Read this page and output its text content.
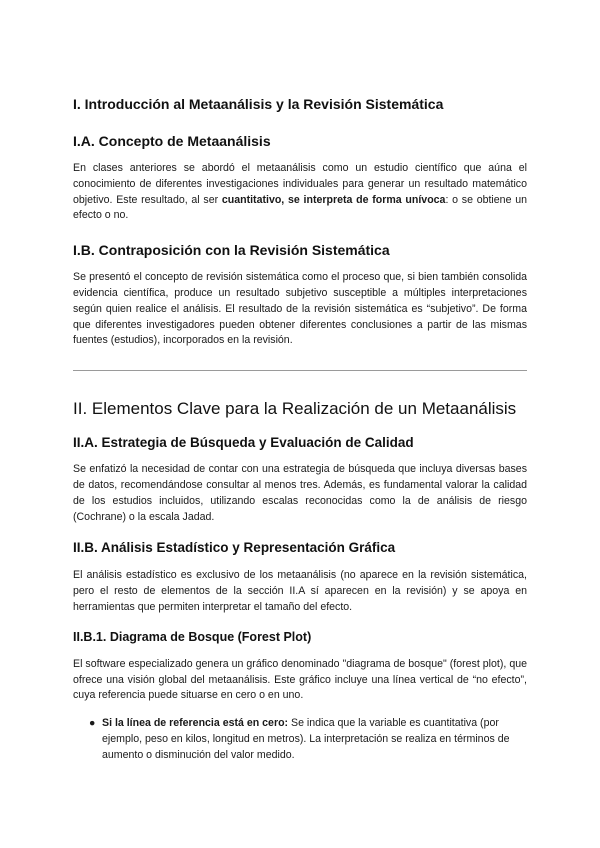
I. Introducción al Metaanálisis y la Revisión Sistemática
I.A. Concepto de Metaanálisis

En clases anteriores se abordó el metaanálisis como un estudio científico que aúna el conocimiento de diferentes investigaciones individuales para generar un resultado matemático objetivo. Este resultado, al ser cuantitativo, se interpreta de forma unívoca: o se obtiene un efecto o no.

I.B. Contraposición con la Revisión Sistemática

Se presentó el concepto de revisión sistemática como el proceso que, si bien también consolida evidencia científica, produce un resultado subjetivo susceptible a múltiples interpretaciones según quien realice el análisis. El resultado de la revisión sistemática es “subjetivo”. De forma que diferentes investigadores pueden obtener diferentes conclusiones a partir de las mismas fuentes (estudios), incorporados en la revisión.

II. Elementos Clave para la Realización de un Metaanálisis
II.A. Estrategia de Búsqueda y Evaluación de Calidad

Se enfatizó la necesidad de contar con una estrategia de búsqueda que incluya diversas bases de datos, recomendándose consultar al menos tres. Además, es fundamental valorar la calidad de los estudios incluidos, utilizando escalas reconocidas como la de análisis de riesgo (Cochrane) o la escala Jadad.

II.B. Análisis Estadístico y Representación Gráfica

El análisis estadístico es exclusivo de los metaanálisis (no aparece en la revisión sistemática, pero el resto de elementos de la sección II.A sí aparecen en la revisión) y se apoya en herramientas que permiten interpretar el tamaño del efecto.

II.B.1. Diagrama de Bosque (Forest Plot)

El software especializado genera un gráfico denominado "diagrama de bosque" (forest plot), que ofrece una visión global del metaanálisis. Este gráfico incluye una línea vertical de “no efecto”, cuya referencia puede situarse en cero o en uno.

● Si la línea de referencia está en cero: Se indica que la variable es cuantitativa (por ejemplo, peso en kilos, longitud en metros). La interpretación se realiza en términos de aumento o disminución del valor medido.
